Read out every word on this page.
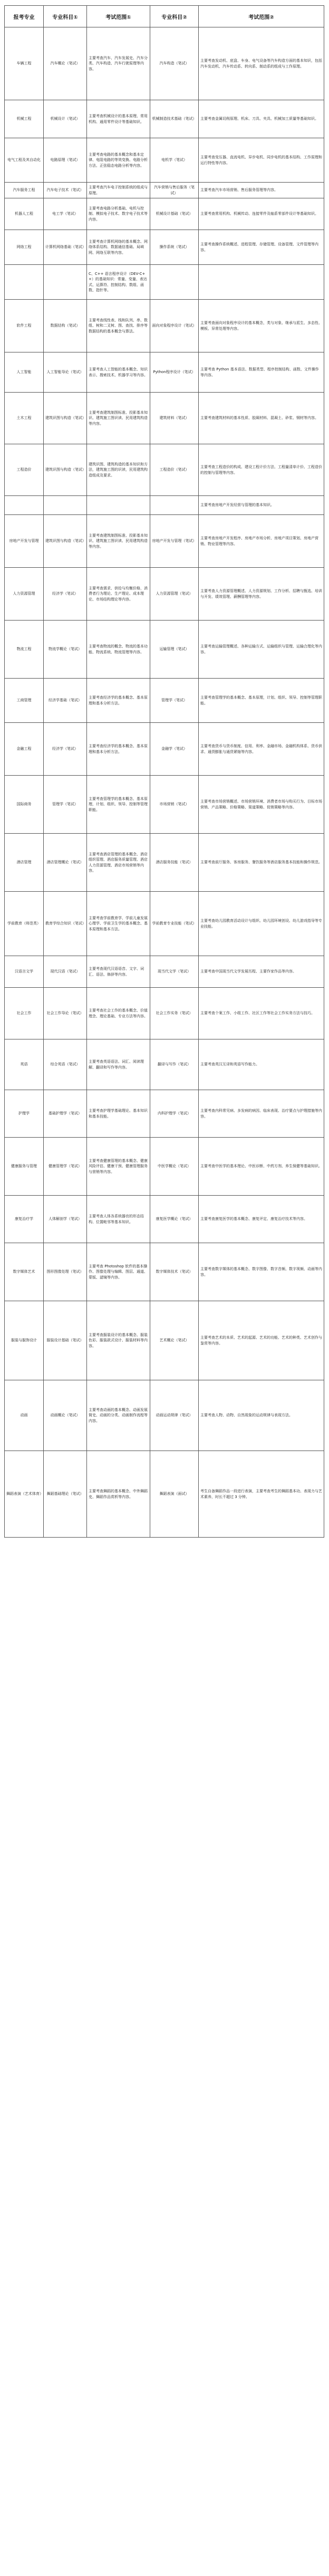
报考专业	专业科目①	考试范围①	专业科目②	考试范围②
车辆工程	汽车概论（笔试）	主要考查汽车、汽车发展史、汽车分类、汽车构造、汽车行驶原理等内容。	汽车构造（笔试）	主要考查发动机、底盘、车身、电气设备等汽车构造方面的基本知识，包括汽车发动机、汽车传动系、转向系、制动系的组成与工作原理。
机械工程	机械设计（笔试）	主要考查机械设计的基本原理、常用机构、通用零件设计等基础知识。	机械制造技术基础（笔试）	主要考查金属切削原理、机床、刀具、夹具、机械加工质量等基础知识。
电气工程及其自动化	电路原理（笔试）	主要考查电路的基本概念和基本定律、电阻电路的等效变换、电路分析方法、正弦稳态电路分析等内容。	电机学（笔试）	主要考查变压器、直流电机、异步电机、同步电机的基本结构、工作原理和运行特性等内容。
汽车服务工程	汽车电子技术（笔试）	主要考查汽车电子控制系统的组成与原理。	汽车营销与售后服务（笔试）	主要考查汽车市场营销、售后服务管理等内容。
机器人工程	电工学（笔试）	主要考查电路分析基础、电机与控制、模拟电子技术、数字电子技术等内容。	机械设计基础（笔试）	主要考查常用机构、机械传动、连接零件及轴系零部件设计等基础知识。
网络工程	计算机网络基础（笔试）	主要考查计算机网络的基本概念、网络体系结构、数据通信基础、局域网、网络互联等内容。	操作系统（笔试）	主要考查操作系统概述、进程管理、存储管理、设备管理、文件管理等内容。
		C、C++ 语言程序设计（DEV-C++）的基础知识：常量、变量、表达式、运算符、控制结构、数组、函数、指针等。		
软件工程	数据结构（笔试）	主要考查线性表、栈和队列、串、数组、树和二叉树、图、查找、排序等数据结构的基本概念与算法。	面向对象程序设计（笔试）	主要考查面向对象程序设计的基本概念，类与对象、继承与派生、多态性、模板、异常处理等内容。
人工智能	人工智能导论（笔试）	主要考查人工智能的基本概念、知识表示、搜索技术、机器学习等内容。	Python程序设计（笔试）	主要考查 Python 基本语法、数据类型、程序控制结构、函数、文件操作等内容。
土木工程	建筑识图与构造（笔试）	主要考查建筑制图标准、投影基本知识、建筑施工图识读、民用建筑构造等内容。	建筑材料（笔试）	主要考查建筑材料的基本性质、胶凝材料、混凝土、砂浆、钢材等内容。
工程造价	建筑识图与构造（笔试）	建筑识图、建筑构造的基本知识和方法，建筑施工图的识读，民用建筑构造组成及要求。	工程造价（笔试）	主要考查工程造价的构成、建设工程计价方法、工程量清单计价、工程造价的控制与管理等内容。
				主要考查房地产开发经营与管理的基本知识。
房地产开发与管理	建筑识图与构造（笔试）	主要考查建筑制图标准、投影基本知识、建筑施工图识读、民用建筑构造等内容。	房地产开发与管理（笔试）	主要考查房地产开发程序、房地产市场分析、房地产项目策划、房地产营销、物业管理等内容。
人力资源管理	经济学（笔试）	主要考查需求、供给与均衡价格，消费者行为理论、生产理论、成本理论、市场结构理论等内容。	人力资源管理（笔试）	主要考查人力资源管理概述、人力资源规划、工作分析、招聘与甄选、培训与开发、绩效管理、薪酬管理等内容。
物流工程	物流学概论（笔试）	主要考查物流的概念、物流的基本功能、物流系统、物流管理等内容。	运输管理（笔试）	主要考查运输管理概述、各种运输方式、运输组织与管理、运输合理化等内容。
工商管理	经济学基础（笔试）	主要考查经济学的基本概念、基本原理和基本分析方法。	管理学（笔试）	主要考查管理学的基本概念、基本原理，计划、组织、领导、控制等管理职能。
金融工程	经济学（笔试）	主要考查经济学的基本概念、基本原理和基本分析方法。	金融学（笔试）	主要考查货币与货币制度、信用、利率、金融市场、金融机构体系、货币供求、通货膨胀与通货紧缩等内容。
国际商务	管理学（笔试）	主要考查管理学的基本概念、基本原理，计划、组织、领导、控制等管理职能。	市场营销（笔试）	主要考查市场营销概述、市场营销环境、消费者市场与购买行为、目标市场营销、产品策略、价格策略、渠道策略、促销策略等内容。
酒店管理	酒店管理概论（笔试）	主要考查酒店管理的基本概念、酒店组织管理、酒店服务质量管理、酒店人力资源管理、酒店市场营销等内容。	酒店服务技能（笔试）	主要考查前厅服务、客房服务、餐饮服务等酒店服务基本技能和操作规范。
学前教育（师范类）	教育学综合知识（笔试）	主要考查学前教育学、学前儿童发展心理学、学前卫生学的基本概念、基本原理和基本方法。	学前教育专业技能（笔试）	主要考查幼儿园教育活动设计与组织、幼儿园环境创设、幼儿游戏指导等专业技能。
汉语言文学	现代汉语（笔试）	主要考查现代汉语语音、文字、词汇、语法、修辞等内容。	现当代文学（笔试）	主要考查中国现当代文学发展历程、主要作家作品等内容。
社会工作	社会工作导论（笔试）	主要考查社会工作的基本概念、价值理念、理论基础、专业方法等内容。	社会工作实务（笔试）	主要考查个案工作、小组工作、社区工作等社会工作实务方法与技巧。
英语	综合英语（笔试）	主要考查英语语法、词汇、阅读理解、翻译和写作等内容。	翻译与写作（笔试）	主要考查英汉互译和英语写作能力。
护理学	基础护理学（笔试）	主要考查护理学基础理论、基本知识和基本技能。	内科护理学（笔试）	主要考查内科常见病、多发病的病因、临床表现、治疗要点与护理措施等内容。
健康服务与管理	健康管理学（笔试）	主要考查健康管理的基本概念、健康风险评估、健康干预、健康管理服务与营销等内容。	中医学概论（笔试）	主要考查中医学的基本理论、中医诊断、中药方剂、养生保健等基础知识。
康复治疗学	人体解剖学（笔试）	主要考查人体各系统器官的形态结构、位置毗邻等基本知识。	康复医学概论（笔试）	主要考查康复医学的基本概念、康复评定、康复治疗技术等内容。
数字媒体艺术	图形图像处理（笔试）	主要考查 Photoshop 软件的基本操作、图像处理与编辑、图层、通道、蒙版、滤镜等内容。	数字媒体技术（笔试）	主要考查数字媒体的基本概念、数字图像、数字音频、数字视频、动画等内容。
服装与服饰设计	服装设计基础（笔试）	主要考查服装设计的基本概念、服装色彩、服装款式设计、服装材料等内容。	艺术概论（笔试）	主要考查艺术的本质、艺术的起源、艺术的功能、艺术的种类、艺术创作与鉴赏等内容。
动画	动画概论（笔试）	主要考查动画的基本概念、动画发展简史、动画的分类、动画制作流程等内容。	动画运动规律（笔试）	主要考查人物、动物、自然现象的运动规律与表现方法。
舞蹈表演（艺术体育）	舞蹈基础理论（笔试）	主要考查舞蹈的基本概念、中外舞蹈史、舞蹈作品赏析等内容。	舞蹈表演（面试）	考生自备舞蹈作品一段进行表演，主要考查考生的舞蹈基本功、表现力与艺术素养，时长不超过 3 分钟。
